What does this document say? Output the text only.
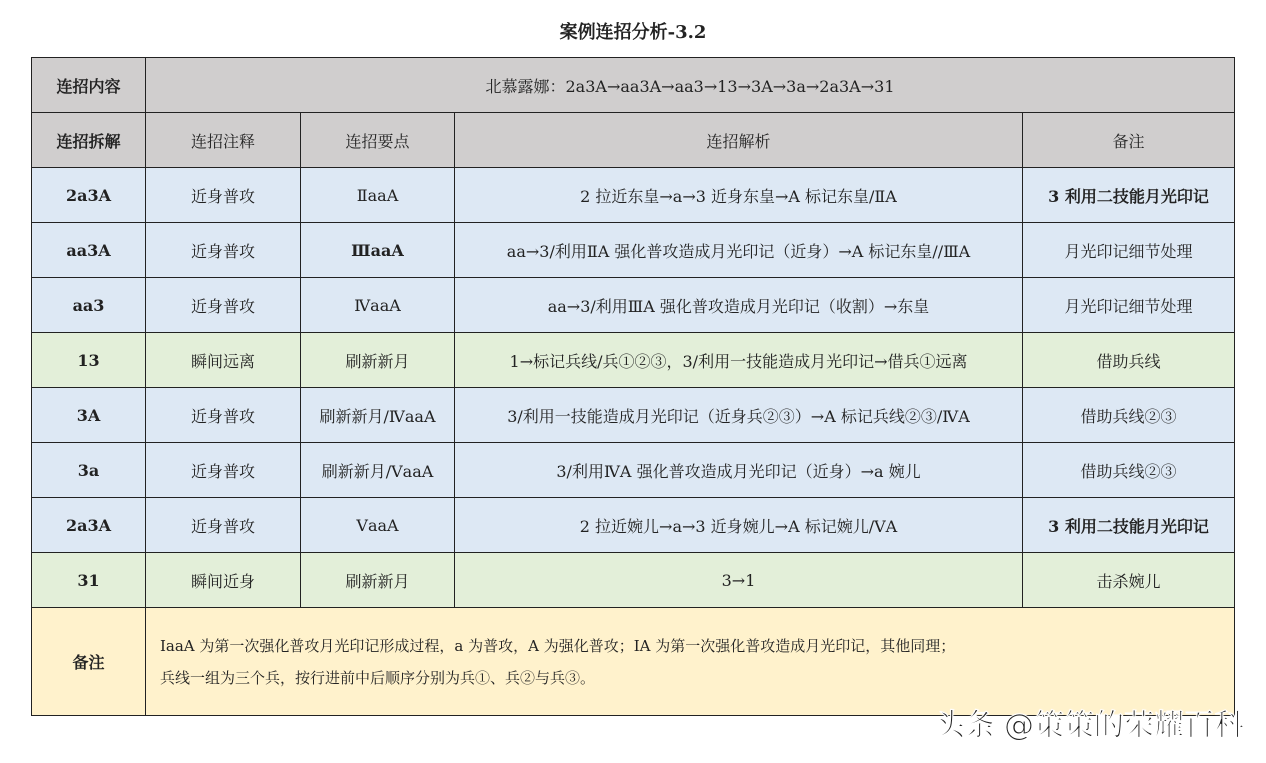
案例连招分析-3.2
连招内容	北慕露娜：2a3A→aa3A→aa3→13→3A→3a→2a3A→31			
连招拆解	连招注释	连招要点	连招解析	备注
2a3A	近身普攻	ⅡaaA	2 拉近东皇→a→3 近身东皇→A 标记东皇/ⅡA	3 利用二技能月光印记
aa3A	近身普攻	ⅢaaA	aa→3/利用ⅡA 强化普攻造成月光印记（近身）→A 标记东皇//ⅢA	月光印记细节处理
aa3	近身普攻	ⅣaaA	aa→3/利用ⅢA 强化普攻造成月光印记（收割）→东皇	月光印记细节处理
13	瞬间远离	刷新新月	1→标记兵线/兵①②③，3/利用一技能造成月光印记→借兵①远离	借助兵线
3A	近身普攻	刷新新月/ⅣaaA	3/利用一技能造成月光印记（近身兵②③）→A 标记兵线②③/ⅣA	借助兵线②③
3a	近身普攻	刷新新月/ⅤaaA	3/利用ⅣA 强化普攻造成月光印记（近身）→a 婉儿	借助兵线②③
2a3A	近身普攻	ⅤaaA	2 拉近婉儿→a→3 近身婉儿→A 标记婉儿/ⅤA	3 利用二技能月光印记
31	瞬间近身	刷新新月	3→1	击杀婉儿
备注	ⅠaaA 为第一次强化普攻月光印记形成过程，a 为普攻，A 为强化普攻；ⅠA 为第一次强化普攻造成月光印记，其他同理；
兵线一组为三个兵，按行进前中后顺序分别为兵①、兵②与兵③。			
头条 @策策的荣耀百科
